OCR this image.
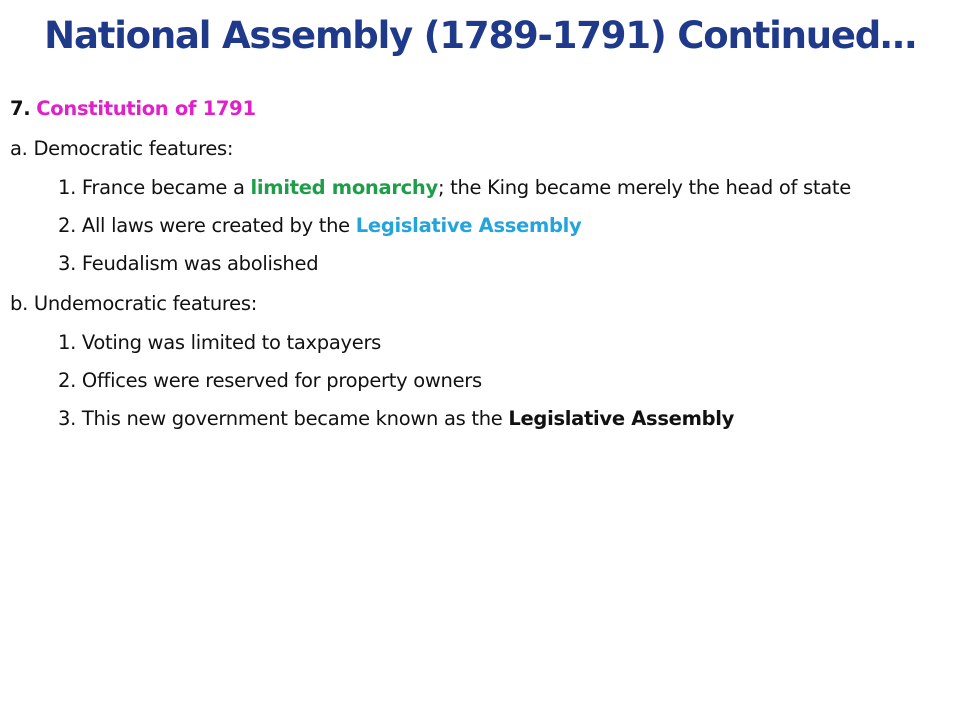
National Assembly (1789-1791) Continued…
7. Constitution of 1791
a. Democratic features:
1. France became a limited monarchy; the King became merely the head of state
2. All laws were created by the Legislative Assembly
3. Feudalism was abolished
b. Undemocratic features:
1. Voting was limited to taxpayers
2. Offices were reserved for property owners
3. This new government became known as the Legislative Assembly
